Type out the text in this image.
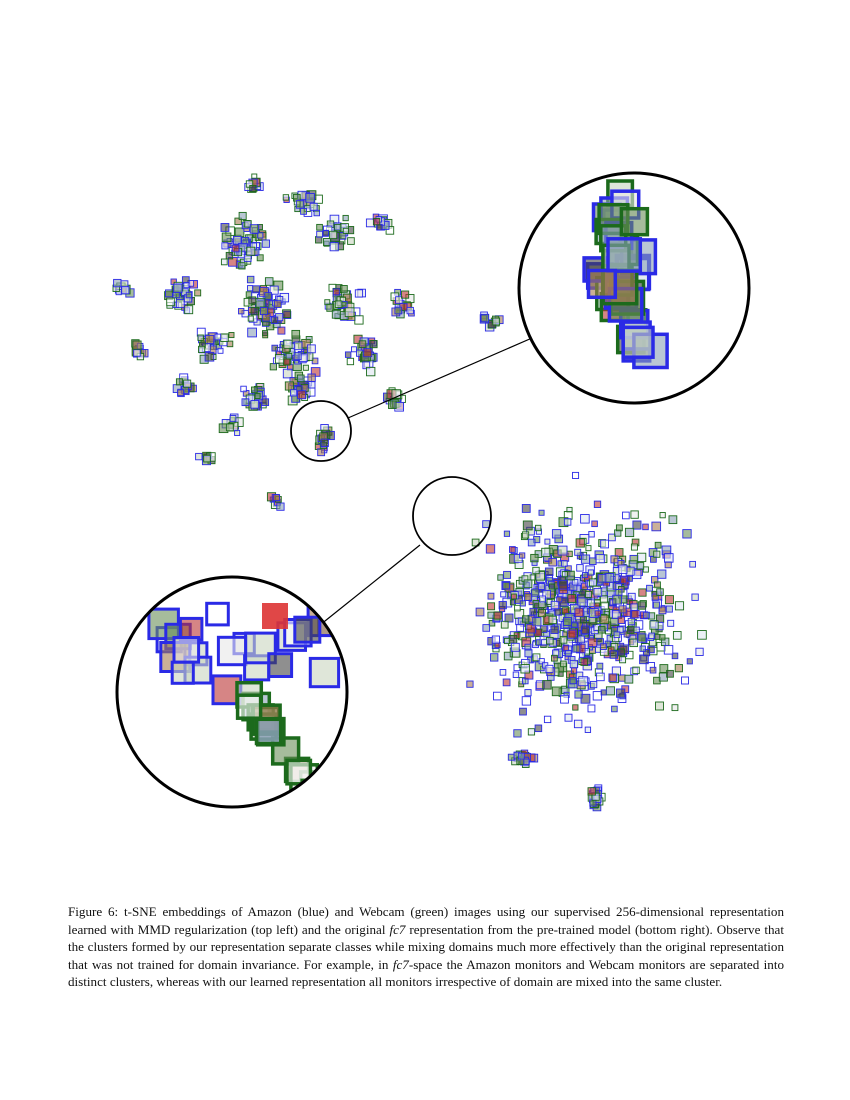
Figure 6: t-SNE embeddings of Amazon (blue) and Webcam (green) images using our supervised 256-dimensional representation learned with MMD regularization (top left) and the original fc7 representation from the pre-trained model (bottom right). Observe that the clusters formed by our representation separate classes while mixing domains much more effectively than the original representation that was not trained for domain invariance. For example, in fc7-space the Amazon monitors and Webcam monitors are separated into distinct clusters, whereas with our learned representation all monitors irrespective of domain are mixed into the same cluster.
